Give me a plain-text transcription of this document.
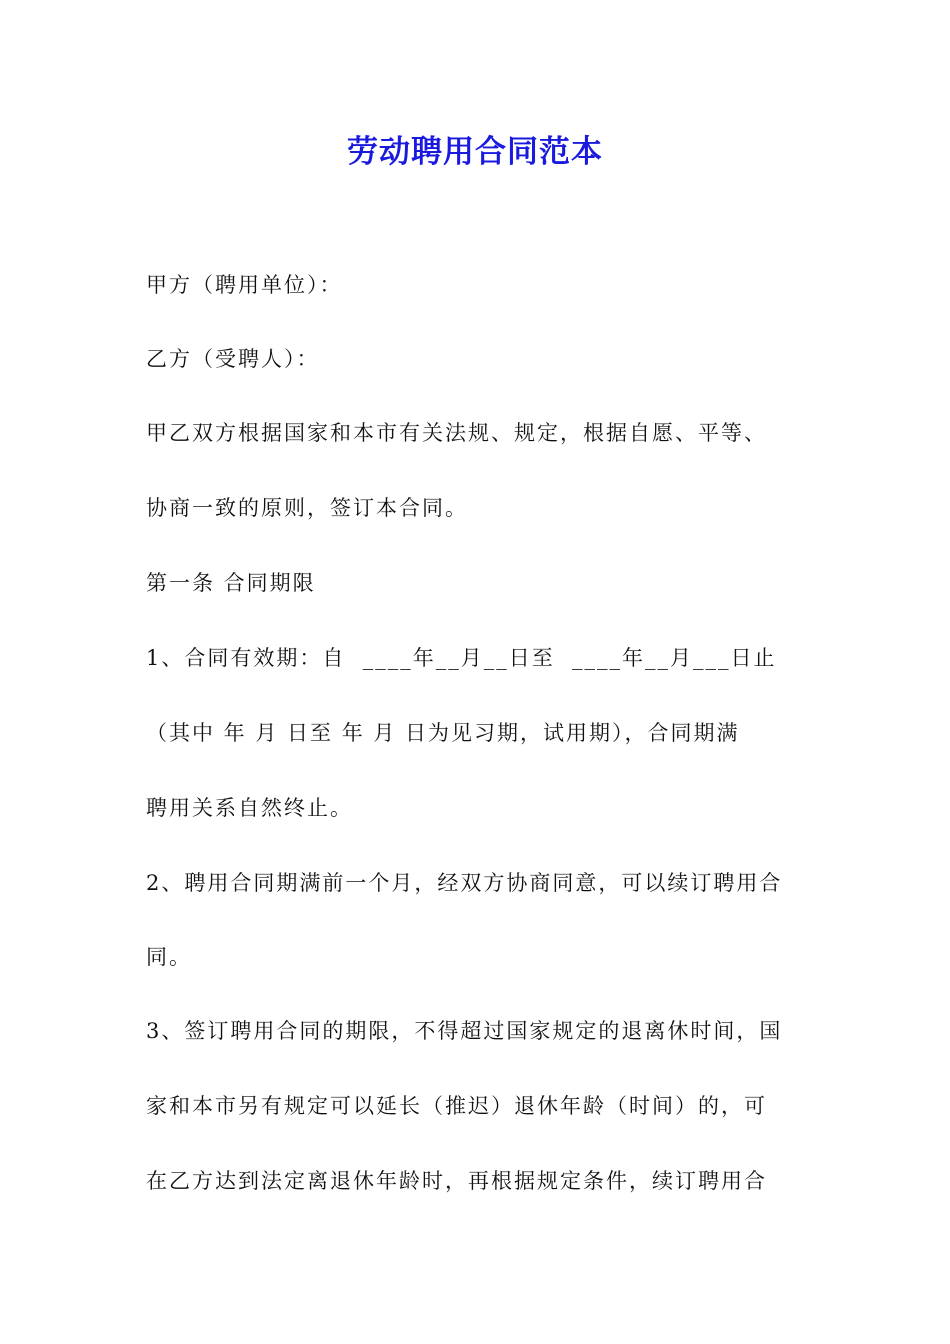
劳动聘用合同范本
甲方（聘用单位）：
乙方（受聘人）：
甲乙双方根据国家和本市有关法规、规定，根据自愿、平等、
协商一致的原则，签订本合同。
第一条 合同期限
1、合同有效期：自  ____年__月__日至  ____年__月___日止
（其中 年 月 日至 年 月 日为见习期，试用期），合同期满
聘用关系自然终止。
2、聘用合同期满前一个月，经双方协商同意，可以续订聘用合
同。
3、签订聘用合同的期限，不得超过国家规定的退离休时间，国
家和本市另有规定可以延长（推迟）退休年龄（时间）的，可
在乙方达到法定离退休年龄时，再根据规定条件，续订聘用合
